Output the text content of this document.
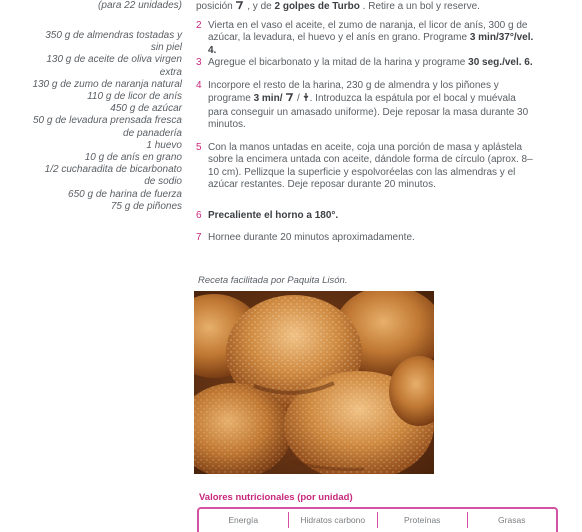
(para 22 unidades)
350 g de almendras tostadas y
sin piel
130 g de aceite de oliva virgen
extra
130 g de zumo de naranja natural
110 g de licor de anís
450 g de azúcar
50 g de levadura prensada fresca
de panadería
1 huevo
10 g de anís en grano
1/2 cucharadita de bicarbonato
de sodio
650 g de harina de fuerza
75 g de piñones
posición  , y de 2 golpes de Turbo . Retire a un bol y reserve.
2 Vierta en el vaso el aceite, el zumo de naranja, el licor de anís, 300 g de azúcar, la levadura, el huevo y el anís en grano. Programe 3 min/37°/vel. 4.
3 Agregue el bicarbonato y la mitad de la harina y programe 30 seg./vel. 6.
4 Incorpore el resto de la harina, 230 g de almendra y los piñones y programe 3 min/ / . Introduzca la espátula por el bocal y muévala para conseguir un amasado uniforme). Deje reposar la masa durante 30 minutos.
5 Con la manos untadas en aceite, coja una porción de masa y aplástela sobre la encimera untada con aceite, dándole forma de círculo (aprox. 8–10 cm). Pellizque la superficie y espolvoréelas con las almendras y el azúcar restantes. Deje reposar durante 20 minutos.
6 Precaliente el horno a 180°.
7 Hornee durante 20 minutos aproximadamente.
Receta facilitada por Paquita Lisón.
Valores nutricionales (por unidad)
Energía	Hidratos carbono	Proteínas	Grasas
